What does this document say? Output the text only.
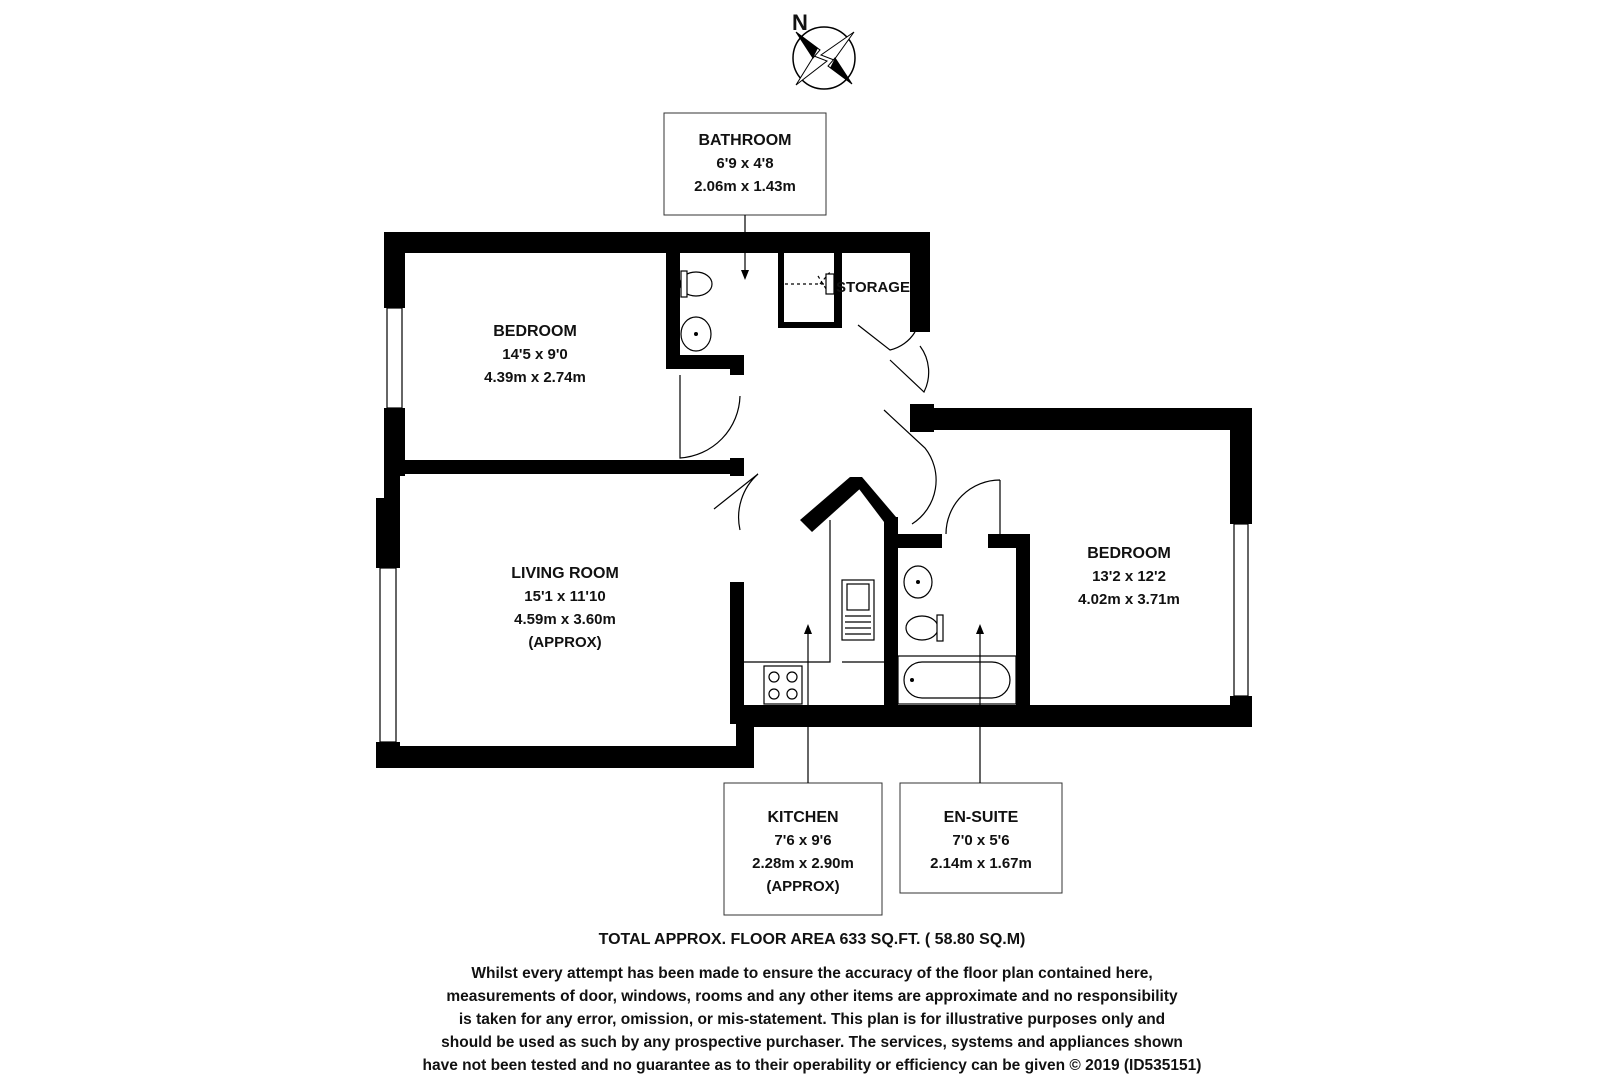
N
BATHROOM
6'9 x 4'8
2.06m x 1.43m
BEDROOM
14'5 x 9'0
4.39m x 2.74m
STORAGE
LIVING ROOM
15'1 x 11'10
4.59m x 3.60m
(APPROX)
BEDROOM
13'2 x 12'2
4.02m x 3.71m
KITCHEN
7'6 x 9'6
2.28m x 2.90m
(APPROX)
EN-SUITE
7'0 x 5'6
2.14m x 1.67m
TOTAL APPROX. FLOOR AREA 633 SQ.FT. ( 58.80 SQ.M)
Whilst every attempt has been made to ensure the accuracy of the floor plan contained here,
measurements of door, windows, rooms and any other items are approximate and no responsibility
is taken for any error, omission, or mis-statement. This plan is for illustrative purposes only and
should be used as such by any prospective purchaser. The services, systems and appliances shown
have not been tested and no guarantee as to their operability or efficiency can be given © 2019 (ID535151)
